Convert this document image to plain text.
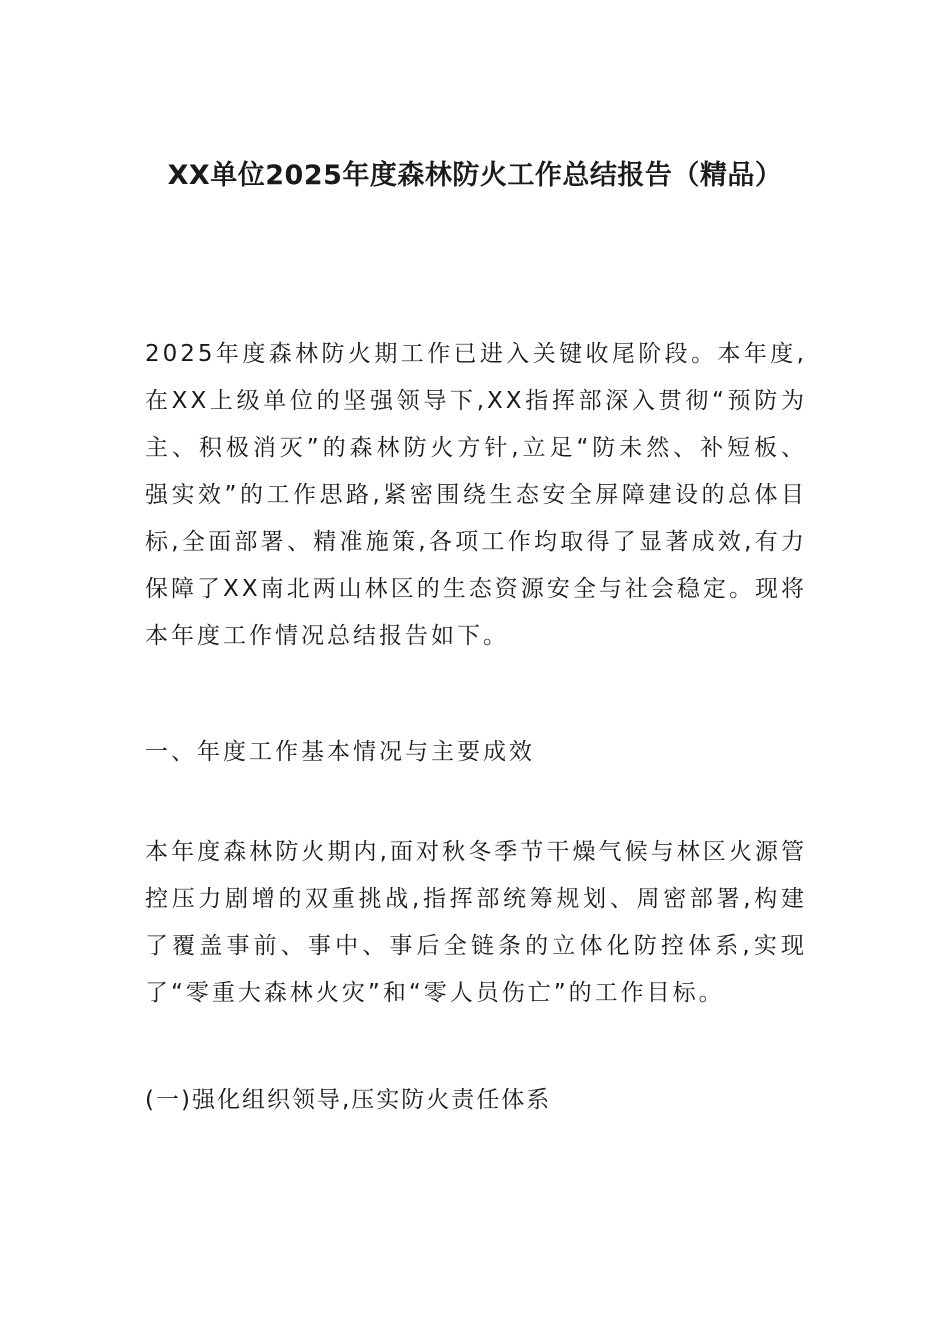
XX单位2025年度森林防火工作总结报告（精品）

2025年度森林防火期工作已进入关键收尾阶段。本年度,在XX上级单位的坚强领导下,XX指挥部深入贯彻“预防为主、积极消灭”的森林防火方针,立足“防未然、补短板、强实效”的工作思路,紧密围绕生态安全屏障建设的总体目标,全面部署、精准施策,各项工作均取得了显著成效,有力保障了XX南北两山林区的生态资源安全与社会稳定。现将本年度工作情况总结报告如下。

一、年度工作基本情况与主要成效

本年度森林防火期内,面对秋冬季节干燥气候与林区火源管控压力剧增的双重挑战,指挥部统筹规划、周密部署,构建了覆盖事前、事中、事后全链条的立体化防控体系,实现了“零重大森林火灾”和“零人员伤亡”的工作目标。

(一)强化组织领导,压实防火责任体系
